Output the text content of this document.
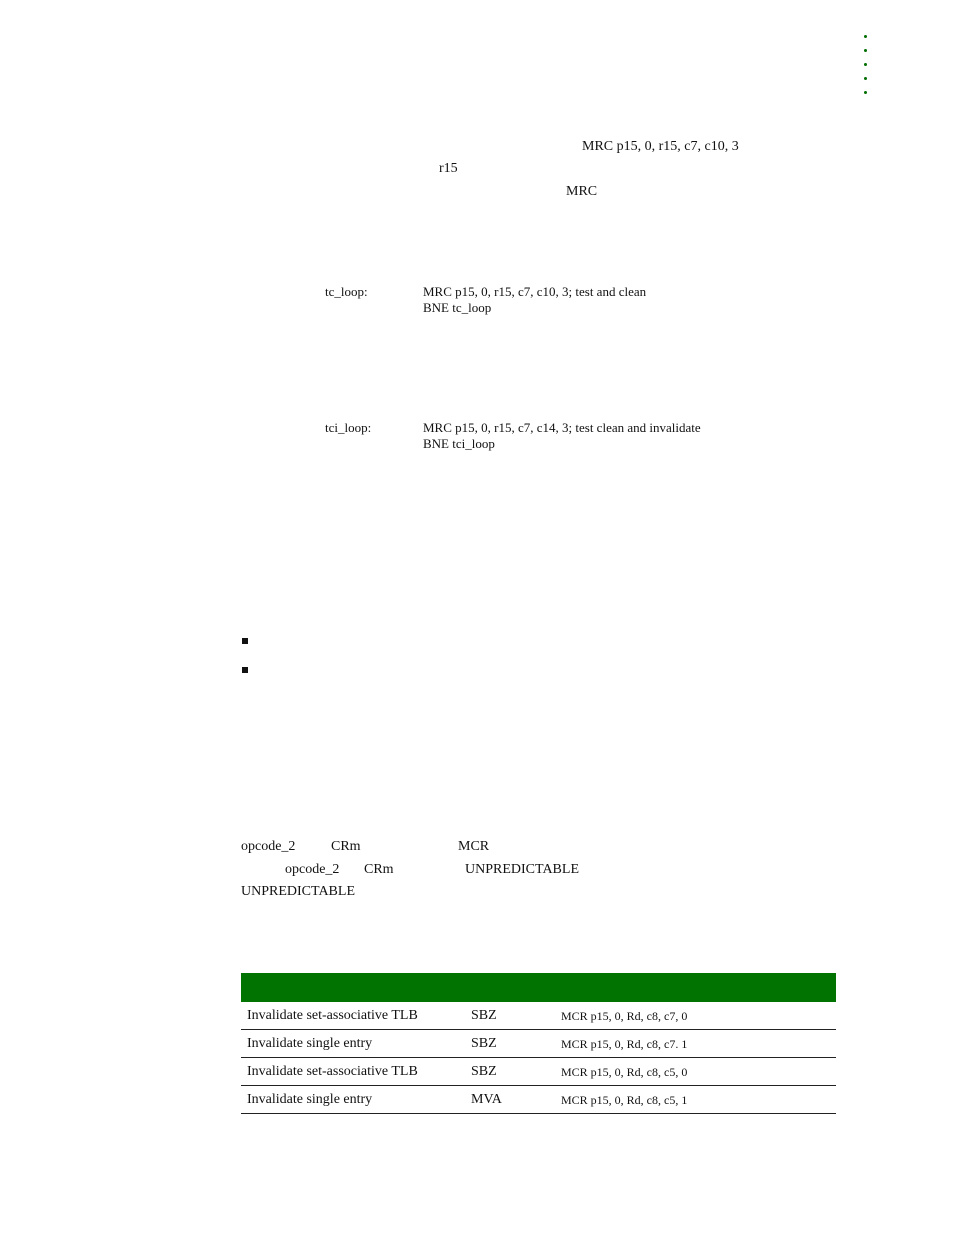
MRC p15, 0, r15, c7, c10, 3
r15
MRC
tc_loop:	MRC p15, 0, r15, c7, c10, 3; test and clean
BNE tc_loop
tci_loop:	MRC p15, 0, r15, c7, c14, 3; test clean and invalidate
BNE tci_loop
opcode_2	CRm	MCR
opcode_2 CRm	UNPREDICTABLE
UNPREDICTABLE
Invalidate set-associative TLB	SBZ	MCR p15, 0, Rd, c8, c7, 0
Invalidate single entry	SBZ	MCR p15, 0, Rd, c8, c7. 1
Invalidate set-associative TLB	SBZ	MCR p15, 0, Rd, c8, c5, 0
Invalidate single entry	MVA	MCR p15, 0, Rd, c8, c5, 1
